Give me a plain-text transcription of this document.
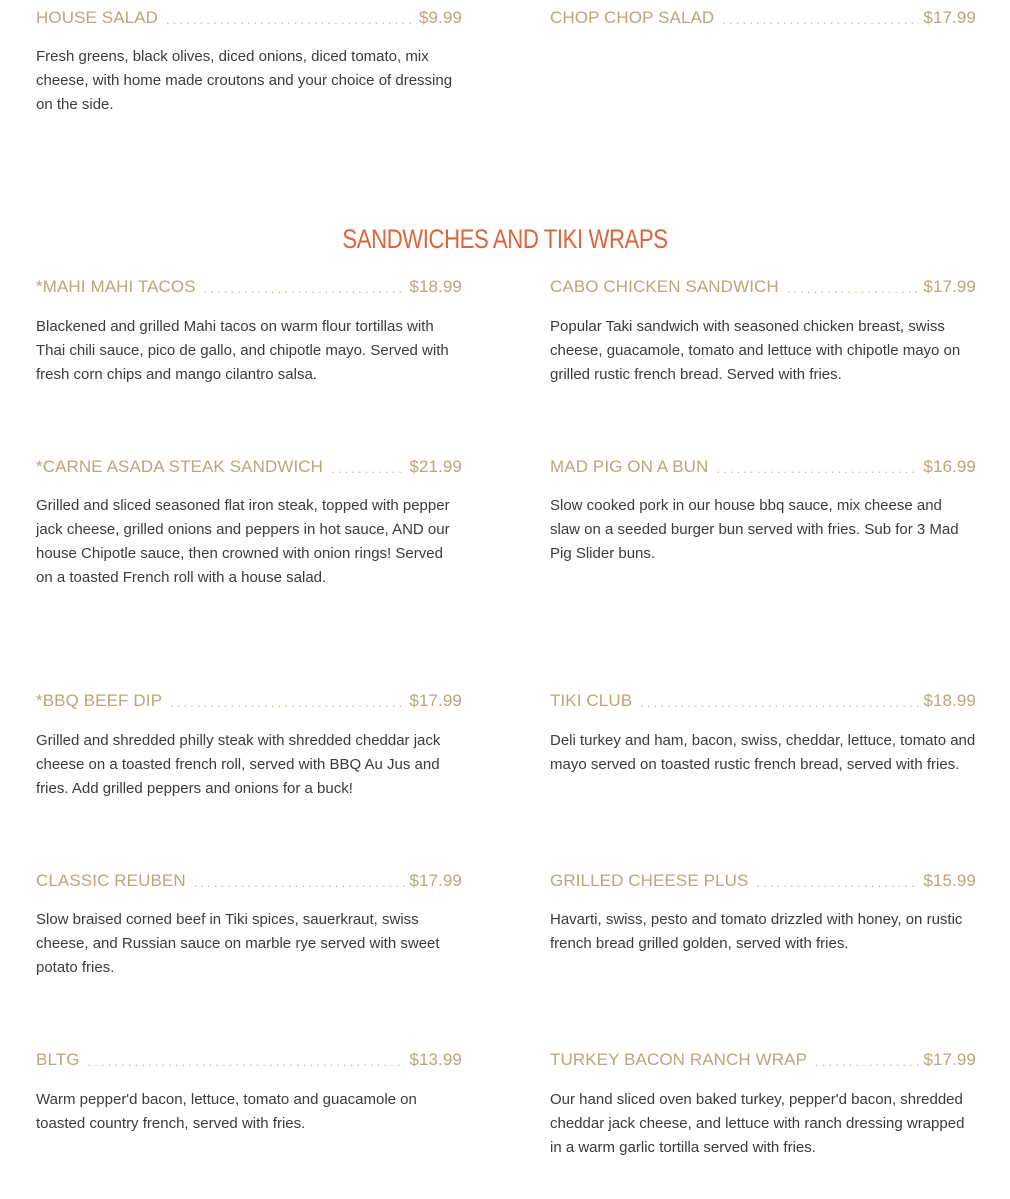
HOUSE SALAD . . .	$9.99
Fresh greens, black olives, diced onions, diced tomato, mix cheese, with home made croutons and your choice of dressing on the side.
CHOP CHOP SALAD . . .	$17.99
SANDWICHES AND TIKI WRAPS
*MAHI MAHI TACOS . . .	$18.99
Blackened and grilled Mahi tacos on warm flour tortillas with Thai chili sauce, pico de gallo, and chipotle mayo. Served with fresh corn chips and mango cilantro salsa.
CABO CHICKEN SANDWICH . . .	$17.99
Popular Taki sandwich with seasoned chicken breast, swiss cheese, guacamole, tomato and lettuce with chipotle mayo on grilled rustic french bread. Served with fries.
*CARNE ASADA STEAK SANDWICH . . .	$21.99
Grilled and sliced seasoned flat iron steak, topped with pepper jack cheese, grilled onions and peppers in hot sauce, AND our house Chipotle sauce, then crowned with onion rings! Served on a toasted French roll with a house salad.
MAD PIG ON A BUN . . .	$16.99
Slow cooked pork in our house bbq sauce, mix cheese and slaw on a seeded burger bun served with fries. Sub for 3 Mad Pig Slider buns.
*BBQ BEEF DIP . . .	$17.99
Grilled and shredded philly steak with shredded cheddar jack cheese on a toasted french roll, served with BBQ Au Jus and fries. Add grilled peppers and onions for a buck!
TIKI CLUB . . .	$18.99
Deli turkey and ham, bacon, swiss, cheddar, lettuce, tomato and mayo served on toasted rustic french bread, served with fries.
CLASSIC REUBEN . . .	$17.99
Slow braised corned beef in Tiki spices, sauerkraut, swiss cheese, and Russian sauce on marble rye served with sweet potato fries.
GRILLED CHEESE PLUS . . .	$15.99
Havarti, swiss, pesto and tomato drizzled with honey, on rustic french bread grilled golden, served with fries.
BLTG . . .	$13.99
Warm pepper'd bacon, lettuce, tomato and guacamole on toasted country french, served with fries.
TURKEY BACON RANCH WRAP . . .	$17.99
Our hand sliced oven baked turkey, pepper'd bacon, shredded cheddar jack cheese, and lettuce with ranch dressing wrapped in a warm garlic tortilla served with fries.
